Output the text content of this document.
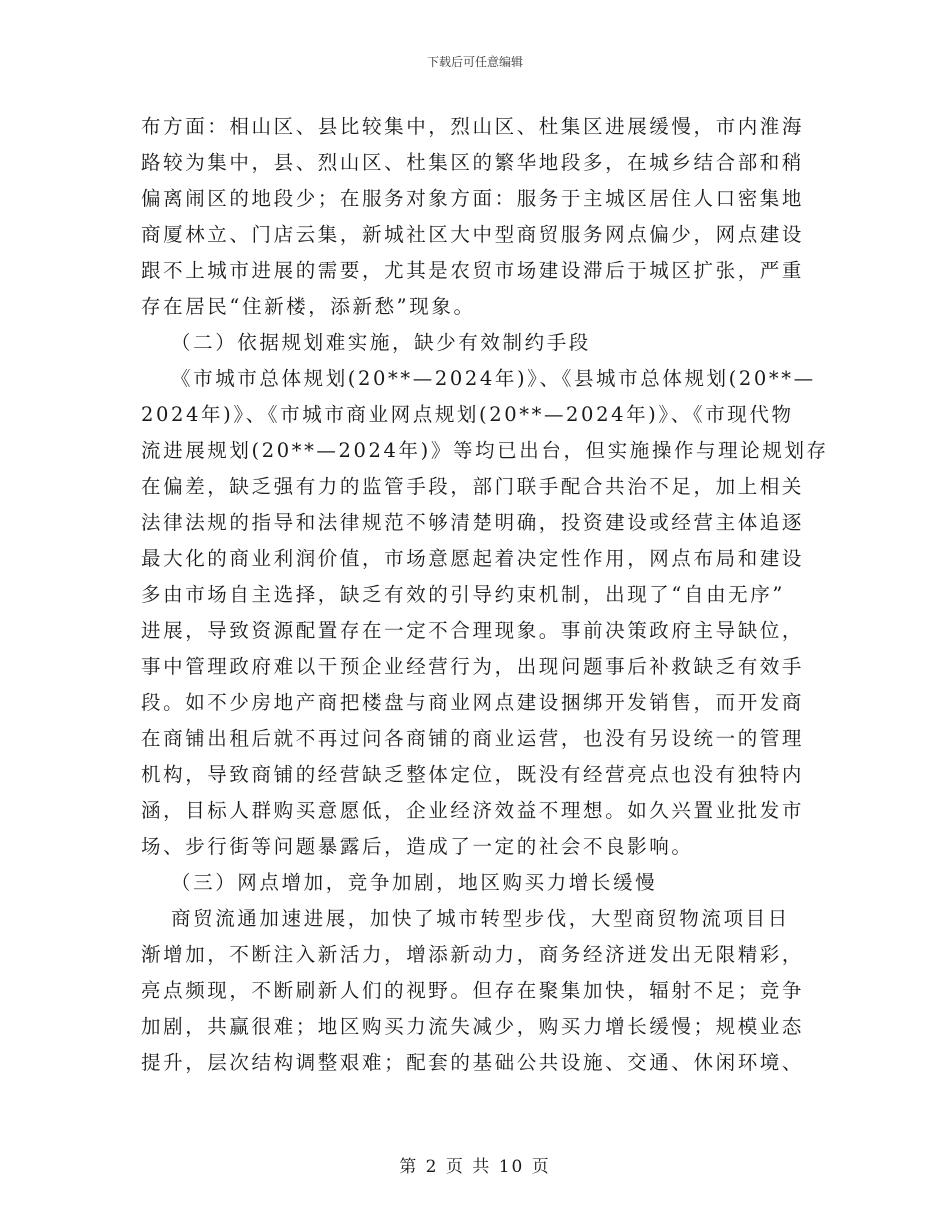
下载后可任意编辑
布方面：相山区、县比较集中，烈山区、杜集区进展缓慢，市内淮海
路较为集中，县、烈山区、杜集区的繁华地段多，在城乡结合部和稍
偏离闹区的地段少；在服务对象方面：服务于主城区居住人口密集地
商厦林立、门店云集，新城社区大中型商贸服务网点偏少，网点建设
跟不上城市进展的需要，尤其是农贸市场建设滞后于城区扩张，严重
存在居民“住新楼，添新愁”现象。
（二）依据规划难实施，缺少有效制约手段
《市城市总体规划(20**—2024年)》、《县城市总体规划(20**—
2024年)》、《市城市商业网点规划(20**—2024年)》、《市现代物
流进展规划(20**—2024年)》等均已出台，但实施操作与理论规划存
在偏差，缺乏强有力的监管手段，部门联手配合共治不足，加上相关
法律法规的指导和法律规范不够清楚明确，投资建设或经营主体追逐
最大化的商业利润价值，市场意愿起着决定性作用，网点布局和建设
多由市场自主选择，缺乏有效的引导约束机制，出现了“自由无序”
进展，导致资源配置存在一定不合理现象。事前决策政府主导缺位，
事中管理政府难以干预企业经营行为，出现问题事后补救缺乏有效手
段。如不少房地产商把楼盘与商业网点建设捆绑开发销售，而开发商
在商铺出租后就不再过问各商铺的商业运营，也没有另设统一的管理
机构，导致商铺的经营缺乏整体定位，既没有经营亮点也没有独特内
涵，目标人群购买意愿低，企业经济效益不理想。如久兴置业批发市
场、步行街等问题暴露后，造成了一定的社会不良影响。
（三）网点增加，竞争加剧，地区购买力增长缓慢
商贸流通加速进展，加快了城市转型步伐，大型商贸物流项目日
渐增加，不断注入新活力，增添新动力，商务经济迸发出无限精彩，
亮点频现，不断刷新人们的视野。但存在聚集加快，辐射不足；竞争
加剧，共赢很难；地区购买力流失减少，购买力增长缓慢；规模业态
提升，层次结构调整艰难；配套的基础公共设施、交通、休闲环境、
第 2 页 共 10 页
